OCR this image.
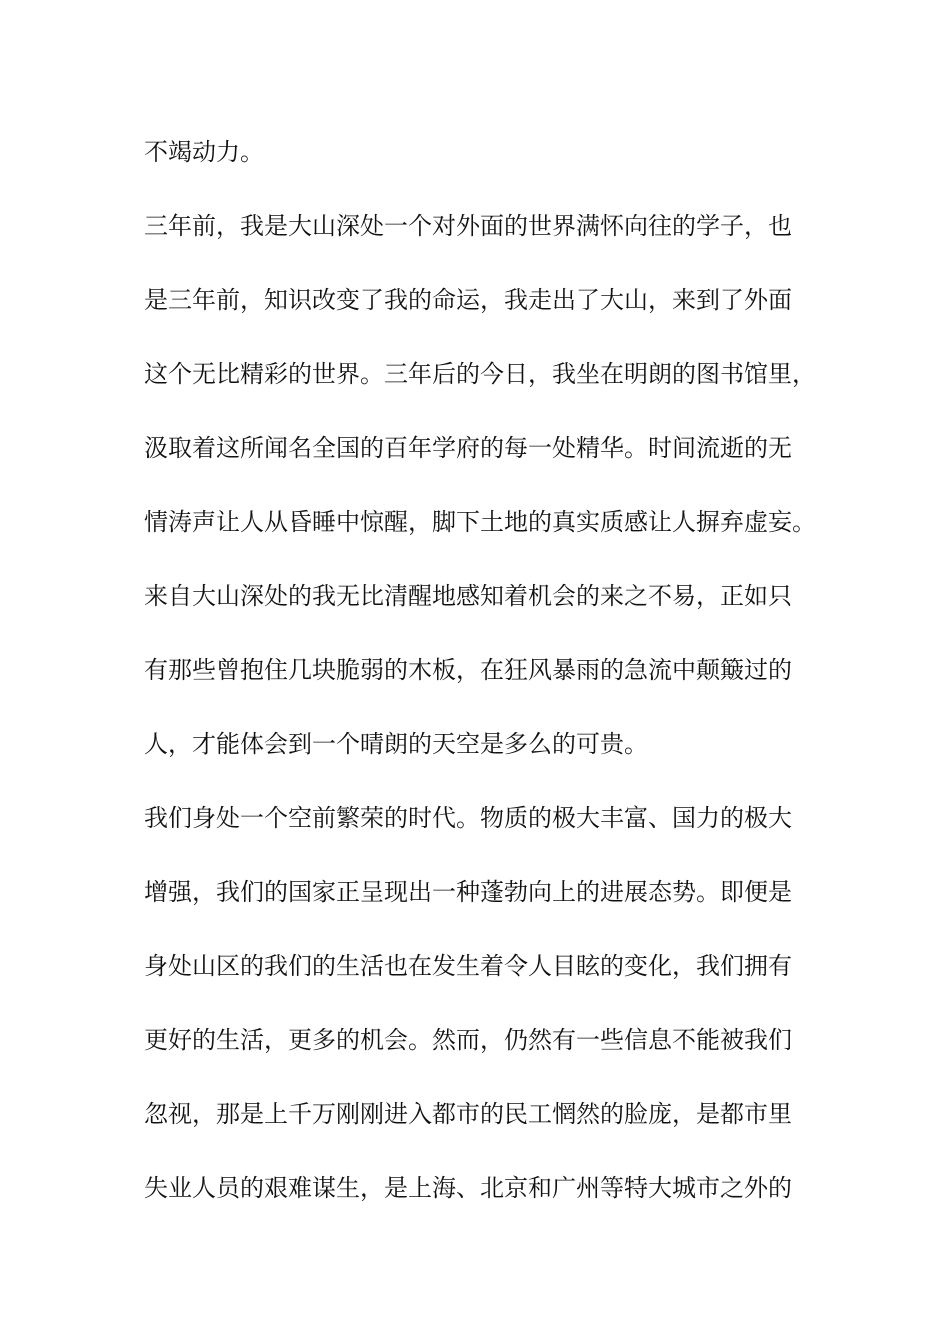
不竭动力。

三年前，我是大山深处一个对外面的世界满怀向往的学子，也

是三年前，知识改变了我的命运，我走出了大山，来到了外面

这个无比精彩的世界。三年后的今日，我坐在明朗的图书馆里，

汲取着这所闻名全国的百年学府的每一处精华。时间流逝的无

情涛声让人从昏睡中惊醒，脚下土地的真实质感让人摒弃虚妄。

来自大山深处的我无比清醒地感知着机会的来之不易，正如只

有那些曾抱住几块脆弱的木板，在狂风暴雨的急流中颠簸过的

人，才能体会到一个晴朗的天空是多么的可贵。

我们身处一个空前繁荣的时代。物质的极大丰富、国力的极大

增强，我们的国家正呈现出一种蓬勃向上的进展态势。即便是

身处山区的我们的生活也在发生着令人目眩的变化，我们拥有

更好的生活，更多的机会。然而，仍然有一些信息不能被我们

忽视，那是上千万刚刚进入都市的民工惘然的脸庞，是都市里

失业人员的艰难谋生，是上海、北京和广州等特大城市之外的
